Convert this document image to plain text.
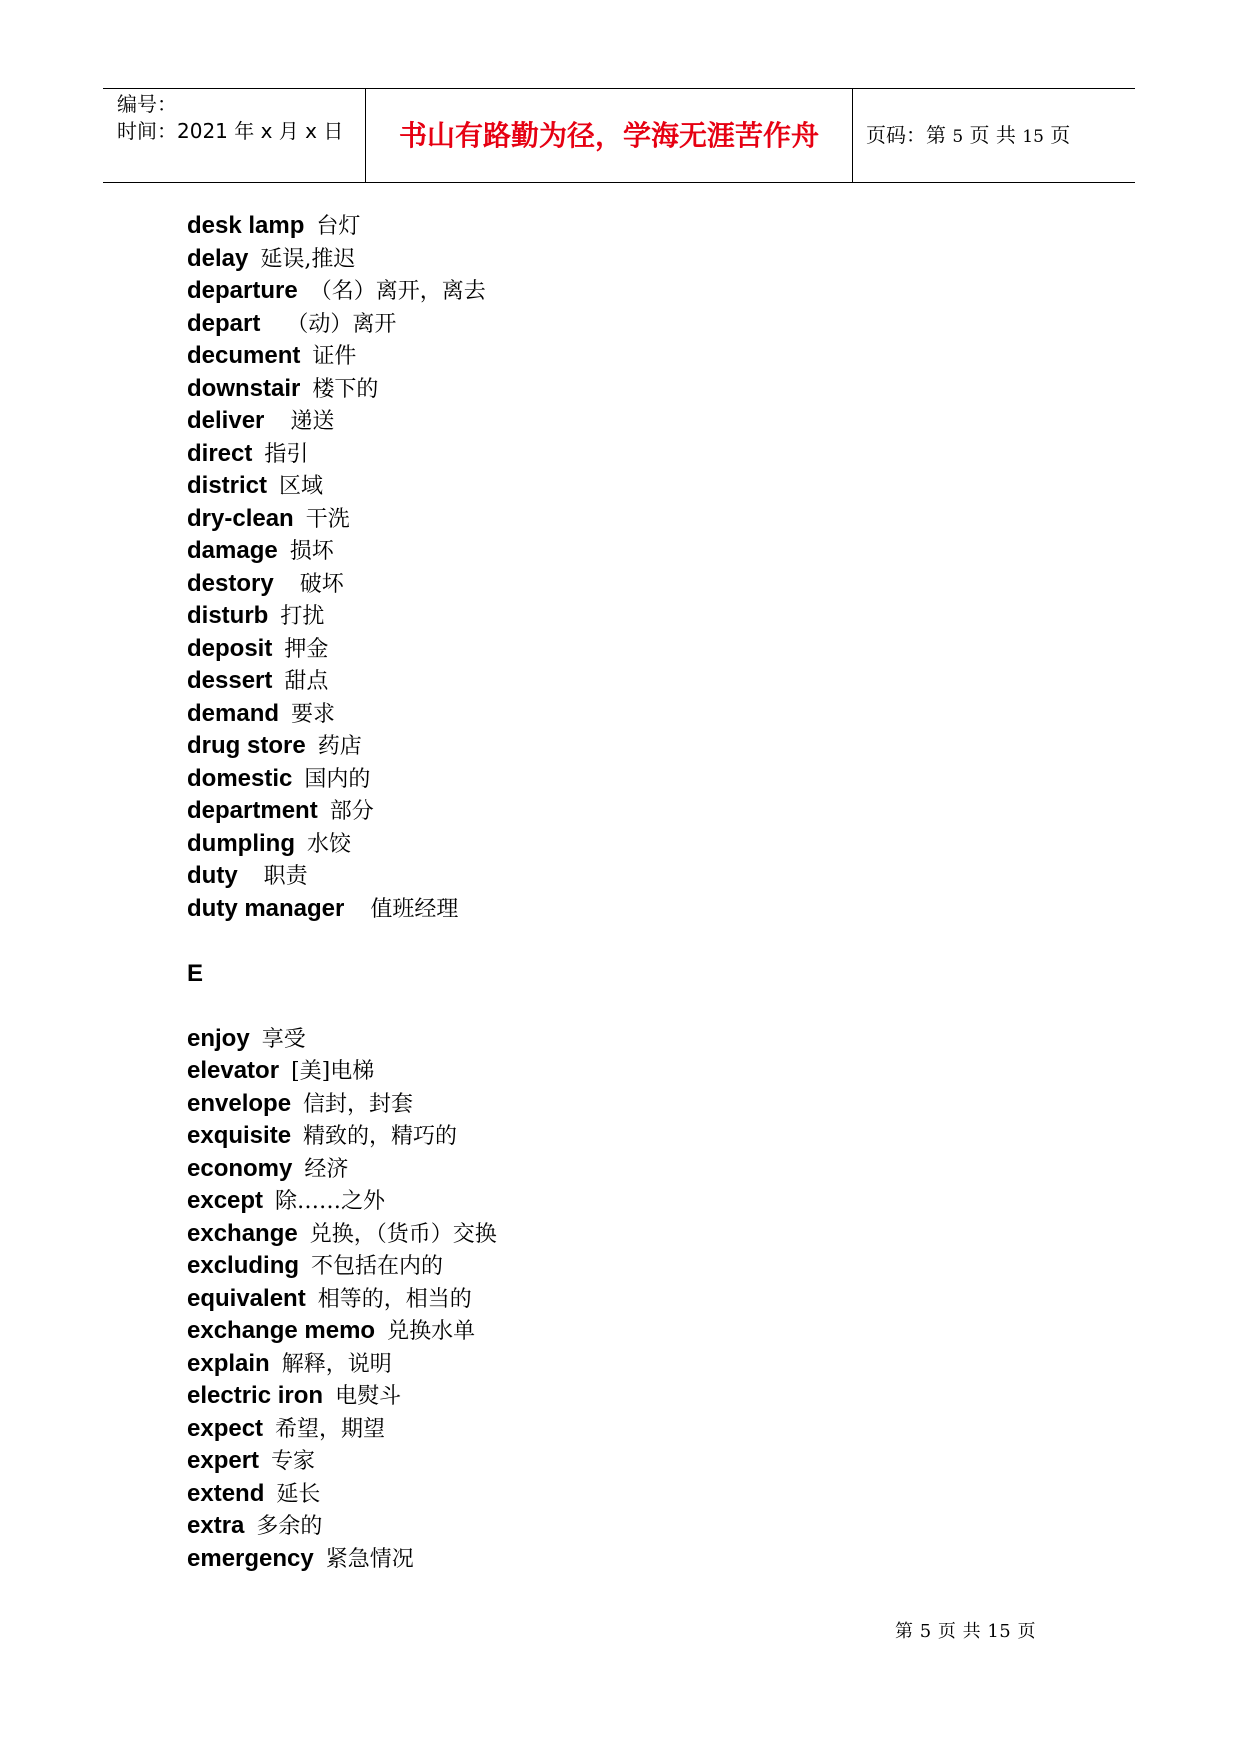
编号：
时间：2021 年 x 月 x 日	书山有路勤为径，学海无涯苦作舟	页码：第 5 页 共 15 页
desk lamp 台灯
delay 延误,推迟
departure （名）离开，离去
depart  （动）离开
decument 证件
downstair 楼下的
deliver  递送
direct 指引
district 区域
dry-clean 干洗
damage 损坏
destory  破坏
disturb 打扰
deposit 押金
dessert 甜点
demand 要求
drug store 药店
domestic 国内的
department 部分
dumpling 水饺
duty  职责
duty manager  值班经理
E
enjoy 享受
elevator [美]电梯
envelope 信封，封套
exquisite 精致的，精巧的
economy 经济
except 除……之外
exchange 兑换，（货币）交换
excluding 不包括在内的
equivalent 相等的，相当的
exchange memo 兑换水单
explain 解释，说明
electric iron 电熨斗
expect 希望，期望
expert 专家
extend 延长
extra 多余的
emergency 紧急情况
第 5 页 共 15 页
